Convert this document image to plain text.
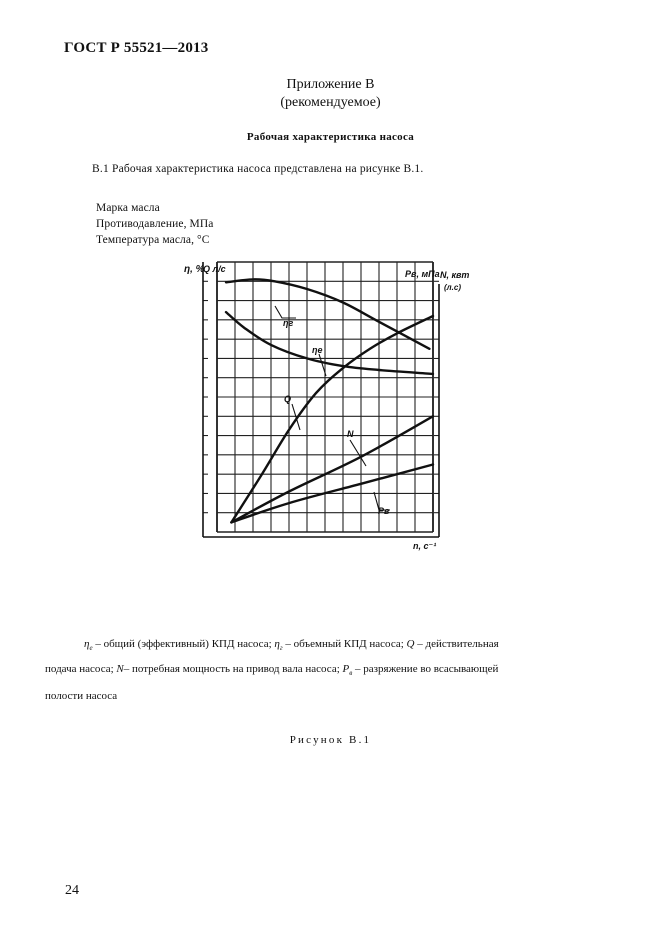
ГОСТ Р 55521—2013
Приложение В
(рекомендуемое)
Рабочая характеристика насоса
В.1 Рабочая характеристика насоса представлена на рисунке В.1.
Марка масла
Противодавление, МПа
Температура масла, °С
η, %
Q л/с	Pв, мПа N, квт
(л.с)
n, с⁻¹
ηг
ηe
Q
N
Pв
$\eta_е$ – общий (эффективный) КПД насоса; $\eta_г$ – объемный КПД насоса; Q – действительная
подача насоса; N– потребная мощность на привод вала насоса; $P_в$ – разряжение во всасывающей
полости насоса
Рисунок В.1
24
